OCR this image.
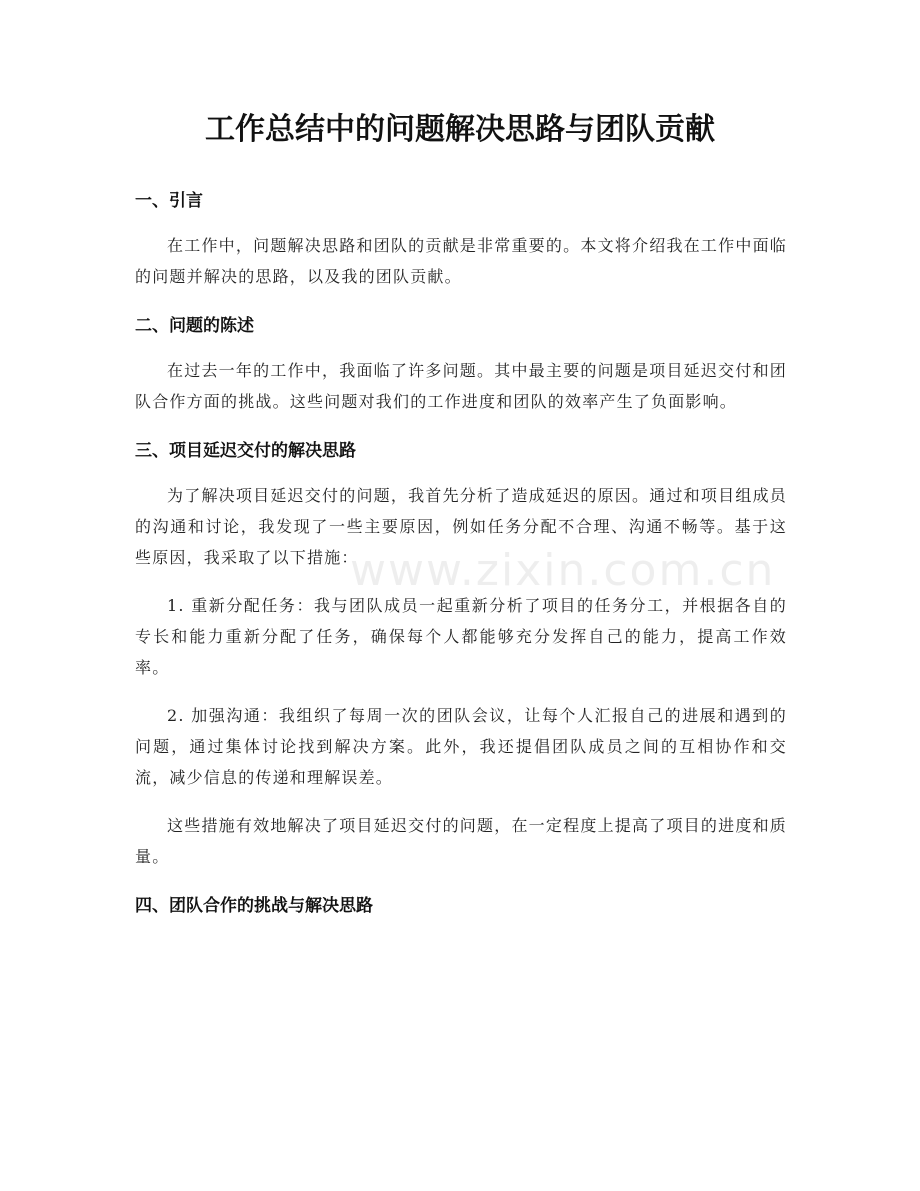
www.zixin.com.cn
工作总结中的问题解决思路与团队贡献
一、引言

在工作中，问题解决思路和团队的贡献是非常重要的。本文将介绍我在工作中面临的问题并解决的思路，以及我的团队贡献。

二、问题的陈述

在过去一年的工作中，我面临了许多问题。其中最主要的问题是项目延迟交付和团队合作方面的挑战。这些问题对我们的工作进度和团队的效率产生了负面影响。

三、项目延迟交付的解决思路

为了解决项目延迟交付的问题，我首先分析了造成延迟的原因。通过和项目组成员的沟通和讨论，我发现了一些主要原因，例如任务分配不合理、沟通不畅等。基于这些原因，我采取了以下措施：

1. 重新分配任务：我与团队成员一起重新分析了项目的任务分工，并根据各自的专长和能力重新分配了任务，确保每个人都能够充分发挥自己的能力，提高工作效率。

2. 加强沟通：我组织了每周一次的团队会议，让每个人汇报自己的进展和遇到的问题，通过集体讨论找到解决方案。此外，我还提倡团队成员之间的互相协作和交流，减少信息的传递和理解误差。

这些措施有效地解决了项目延迟交付的问题，在一定程度上提高了项目的进度和质量。

四、团队合作的挑战与解决思路
